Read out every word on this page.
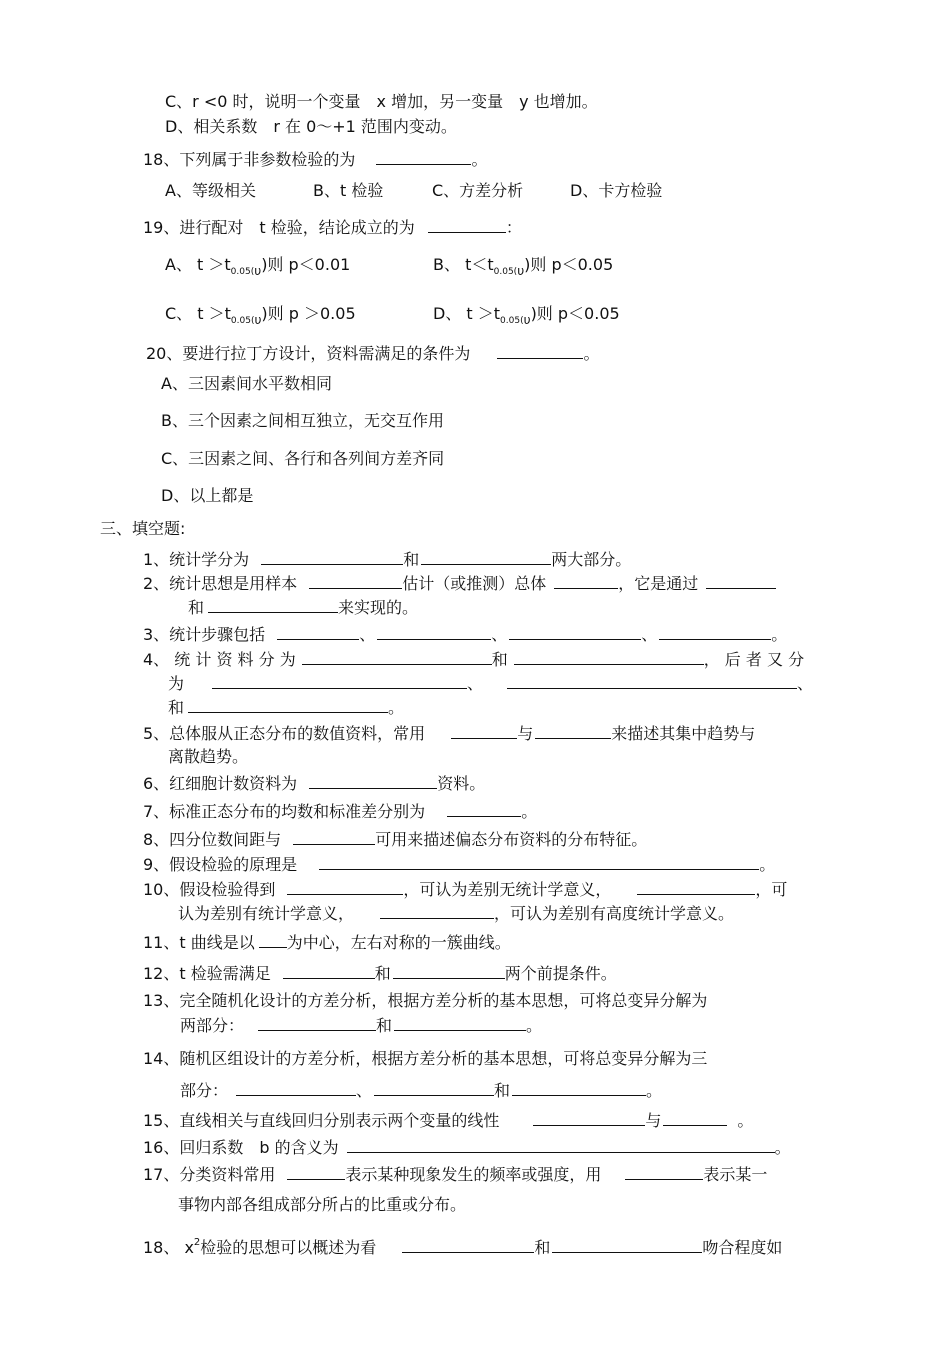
C、r <0 时，说明一个变量　x 增加，另一变量　y 也增加。
D、相关系数　r 在 0～+1 范围内变动。
18、下列属于非参数检验的为	。
A、等级相关	B、t 检验	C、方差分析	D、卡方检验
19、进行配对　t 检验，结论成立的为	：
A、 $t >t_{0.05(\upsilon}$)则 p＜0.01	B、 $t<t_{0.05(\upsilon}$)则 p＜0.05
C、 $t >t_{0.05(\upsilon}$)则 p ＞0.05	D、 $t >t_{0.05(\upsilon}$)则 p＜0.05
20、要进行拉丁方设计，资料需满足的条件为	。
A、三因素间水平数相同
B、三个因素之间相互独立，无交互作用
C、三因素之间、各行和各列间方差齐同
D、以上都是
三、填空题:
1、统计学分为	和	两大部分。
2、统计思想是用样本	估计（或推测）总体	，它是通过
和	来实现的。
3、统计步骤包括	、	、	、	。
4、 统 计 资 料 分 为	和	， 后 者 又 分
为	、	、
和	。
5、总体服从正态分布的数值资料，常用	与	来描述其集中趋势与
离散趋势。
6、红细胞计数资料为	资料。
7、标准正态分布的均数和标准差分别为	。
8、四分位数间距与	可用来描述偏态分布资料的分布特征。
9、假设检验的原理是	。
10、假设检验得到	，可认为差别无统计学意义，	，可
认为差别有统计学意义，	，可认为差别有高度统计学意义。
11、t 曲线是以 为中心，左右对称的一簇曲线。
12、t 检验需满足	和	两个前提条件。
13、完全随机化设计的方差分析，根据方差分析的基本思想，可将总变异分解为
两部分：	和	。
14、随机区组设计的方差分析，根据方差分析的基本思想，可将总变异分解为三
部分：	、	和	。
15、直线相关与直线回归分别表示两个变量的线性	与	。
16、回归系数　b 的含义为	。
17、分类资料常用	表示某种现象发生的频率或强度，用	表示某一
事物内部各组成部分所占的比重或分布。
18、 $x^2$检验的思想可以概述为看	和	吻合程度如
